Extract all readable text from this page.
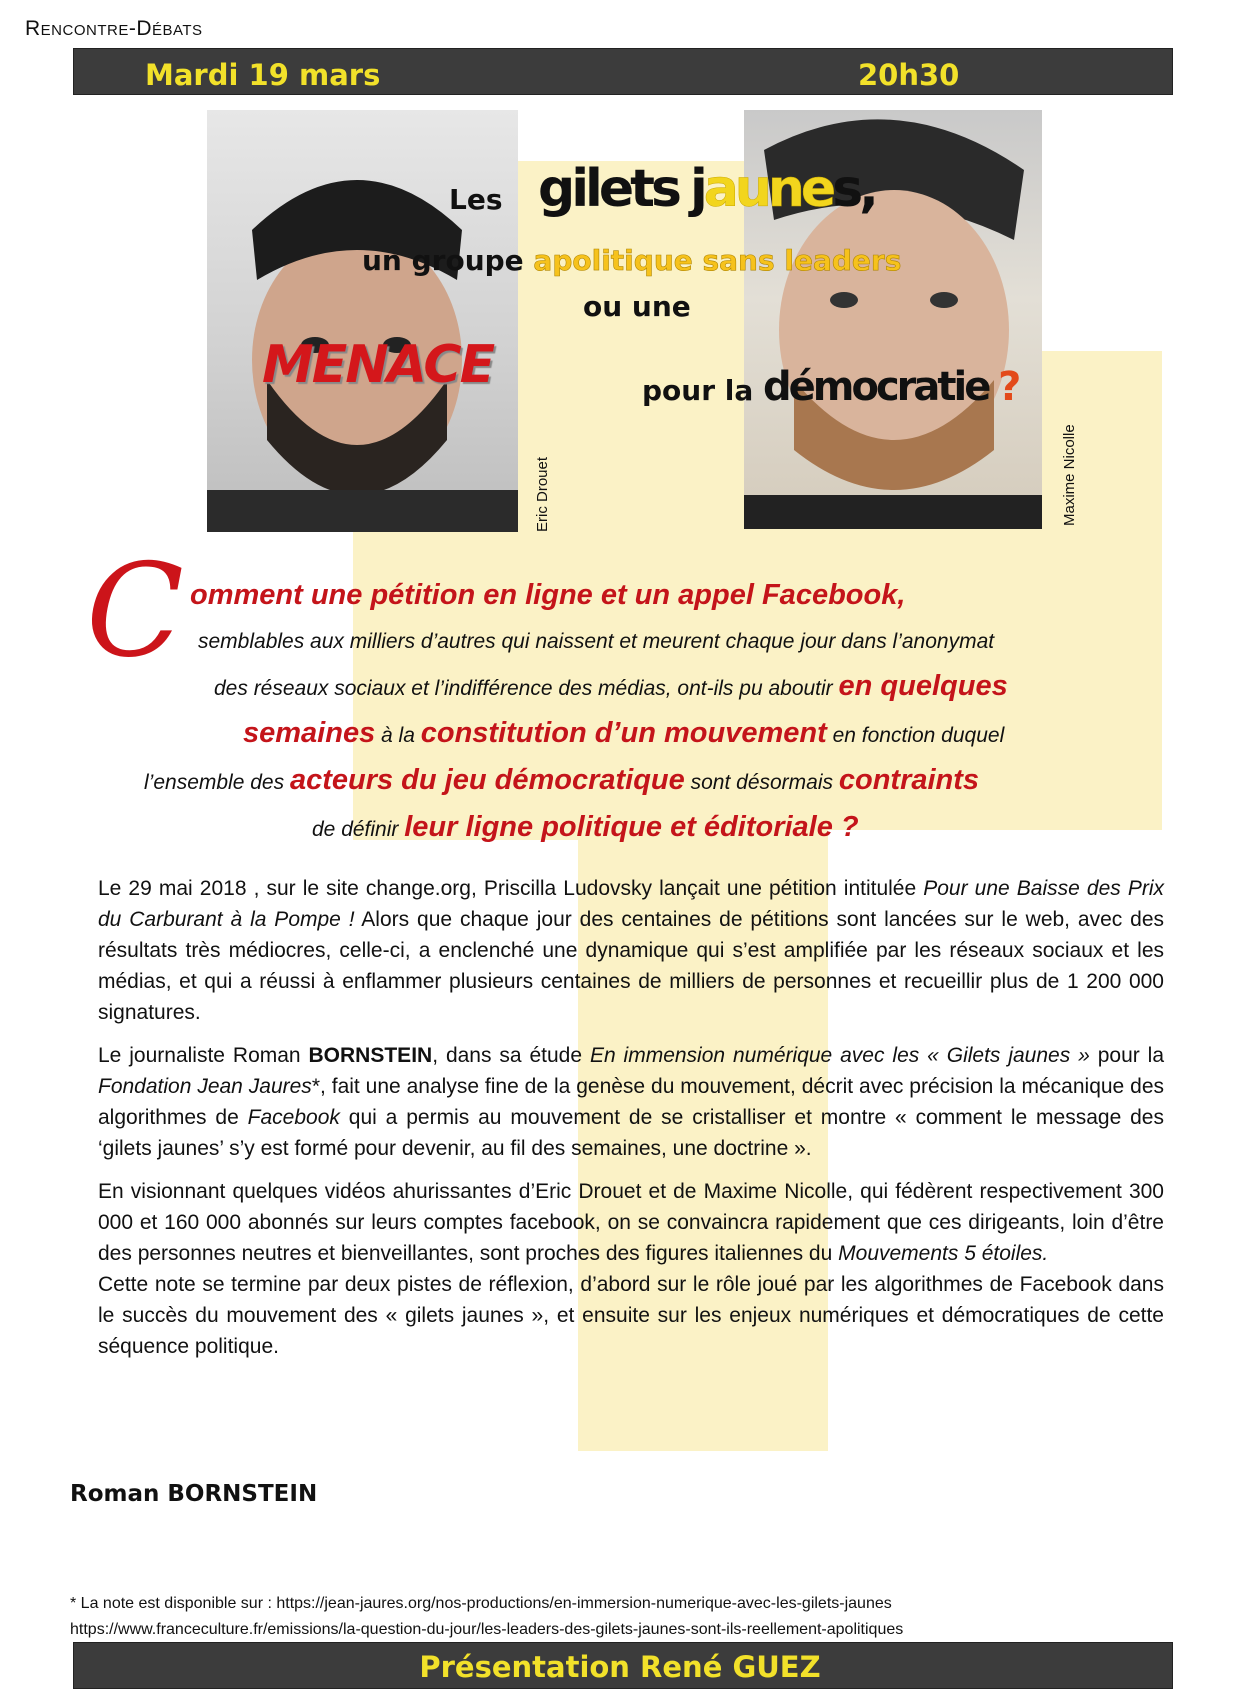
Rencontre-Débats
Mardi 19 mars	20h30
Eric Drouet	Maxime Nicolle
Les gilets jaunes,
un groupe apolitique sans leaders
ou une
MENACE	pour la démocratie ?
C omment une pétition en ligne et un appel Facebook,
semblables aux milliers d’autres qui naissent et meurent chaque jour dans l’anonymat
des réseaux sociaux et l’indifférence des médias, ont-ils pu aboutir en quelques
semaines à la constitution d’un mouvement en fonction duquel
l’ensemble des acteurs du jeu démocratique sont désormais contraints
de définir leur ligne politique et éditoriale ?

Le 29 mai 2018 , sur le site change.org, Priscilla Ludovsky lançait une pétition intitulée Pour une Baisse des Prix du Carburant à la Pompe ! Alors que chaque jour des centaines de pétitions sont lancées sur le web, avec des résultats très médiocres, celle-ci, a enclenché une dynamique qui s’est amplifiée par les réseaux sociaux et les médias, et qui a réussi à enflammer plusieurs centaines de milliers de personnes et recueillir plus de 1 200 000 signatures.

Le journaliste Roman BORNSTEIN, dans sa étude En immension numérique avec les « Gilets jaunes » pour la Fondation Jean Jaures*, fait une analyse fine de la genèse du mouvement, décrit avec précision la mécanique des algorithmes de Facebook qui a permis au mouvement de se cristalliser et montre « comment le message des ‘gilets jaunes’ s’y est formé pour devenir, au fil des semaines, une doctrine ».

En visionnant quelques vidéos ahurissantes d’Eric Drouet et de Maxime Nicolle, qui fédèrent respectivement 300 000 et 160 000 abonnés sur leurs comptes facebook, on se convaincra rapidement que ces dirigeants, loin d’être des personnes neutres et bienveillantes, sont proches des figures italiennes du Mouvements 5 étoiles.

Cette note se termine par deux pistes de réflexion, d’abord sur le rôle joué par les algorithmes de Facebook dans le succès du mouvement des « gilets jaunes », et ensuite sur les enjeux numériques et démocratiques de cette séquence politique.

Roman BORNSTEIN
* La note est disponible sur : https://jean-jaures.org/nos-productions/en-immersion-numerique-avec-les-gilets-jaunes
https://www.franceculture.fr/emissions/la-question-du-jour/les-leaders-des-gilets-jaunes-sont-ils-reellement-apolitiques
Présentation René GUEZ
